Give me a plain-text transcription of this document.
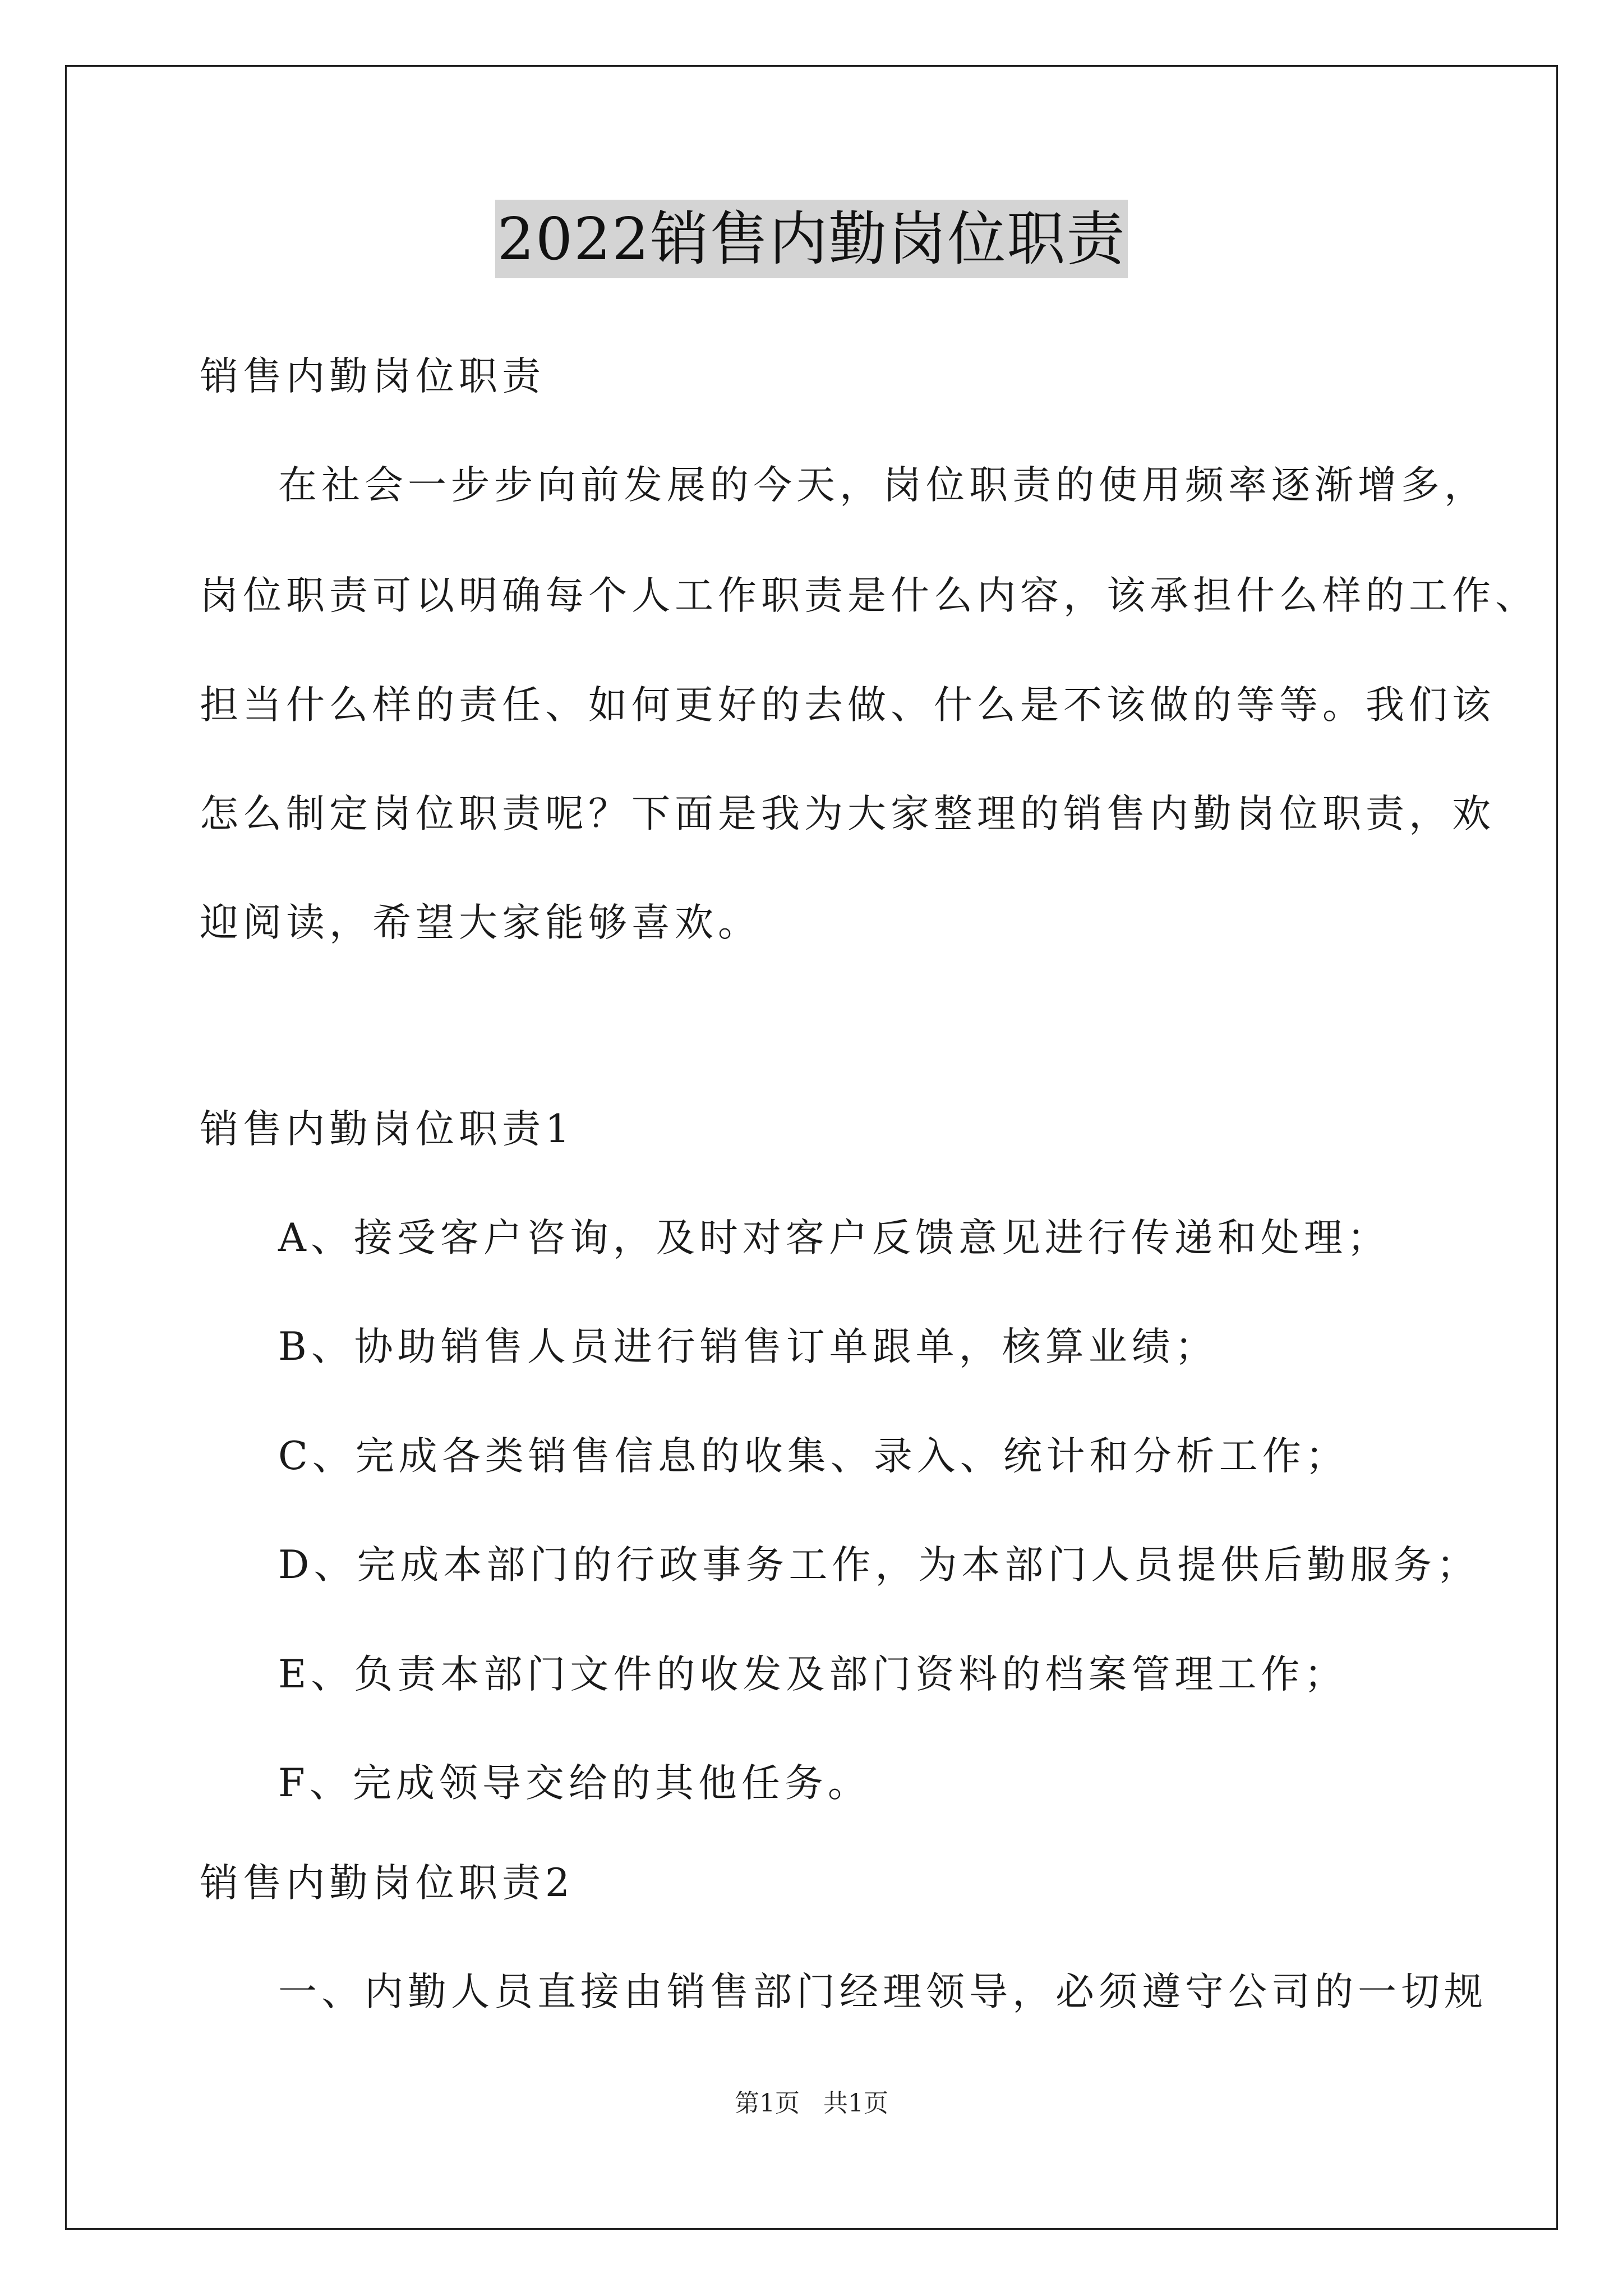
2022销售内勤岗位职责
销售内勤岗位职责
在社会一步步向前发展的今天，岗位职责的使用频率逐渐增多，
岗位职责可以明确每个人工作职责是什么内容，该承担什么样的工作、
担当什么样的责任、如何更好的去做、什么是不该做的等等。我们该
怎么制定岗位职责呢？下面是我为大家整理的销售内勤岗位职责，欢
迎阅读，希望大家能够喜欢。
销售内勤岗位职责1
A、接受客户咨询，及时对客户反馈意见进行传递和处理；
B、协助销售人员进行销售订单跟单，核算业绩；
C、完成各类销售信息的收集、录入、统计和分析工作；
D、完成本部门的行政事务工作，为本部门人员提供后勤服务；
E、负责本部门文件的收发及部门资料的档案管理工作；
F、完成领导交给的其他任务。
销售内勤岗位职责2
一、内勤人员直接由销售部门经理领导，必须遵守公司的一切规
第1页 共1页
